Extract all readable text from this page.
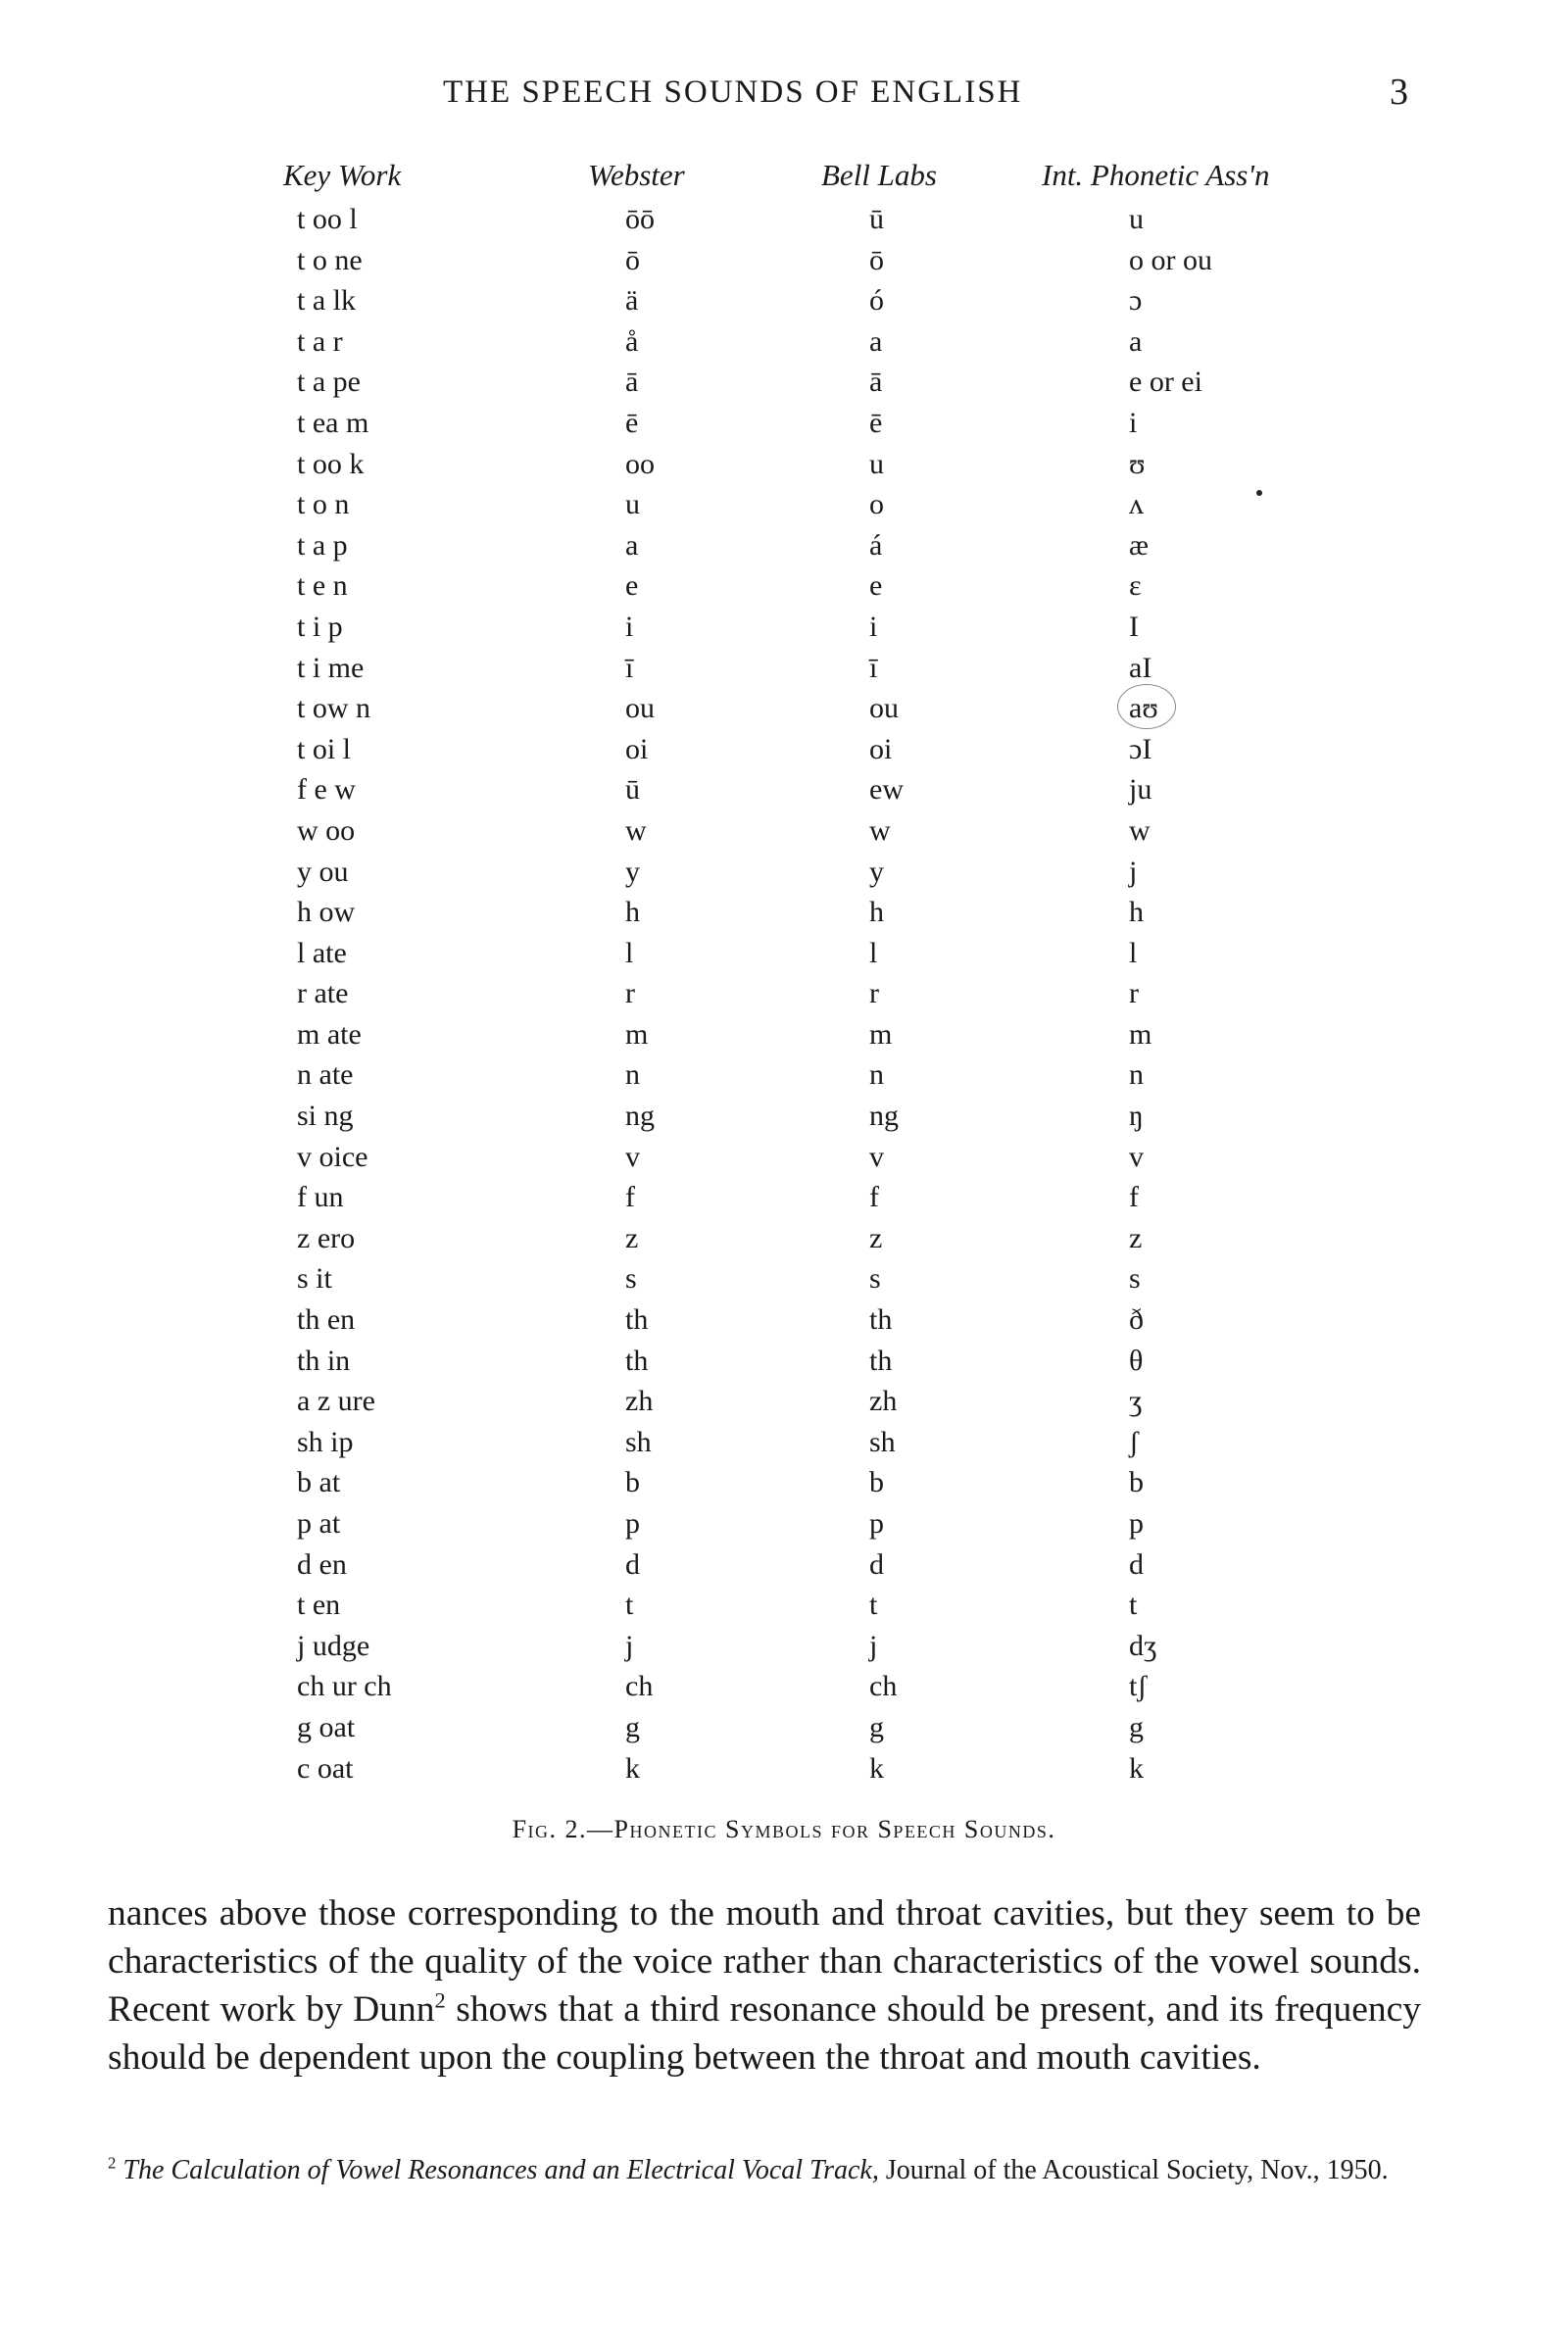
THE SPEECH SOUNDS OF ENGLISH	3
Key Work	Webster	Bell Labs	Int. Phonetic Ass'n
t oo l	ōō	ū	u
t o ne	ō	ō	o or ou
t a lk	ä	ó	ɔ
t a r	å	a	a
t a pe	ā	ā	e or ei
t ea m	ē	ē	i
t oo k	oo	u	ʊ
t o n	u	o	ʌ
t a p	a	á	æ
t e n	e	e	ɛ
t i p	i	i	I
t i me	ī	ī	aI
t ow n	ou	ou	aʊ
t oi l	oi	oi	ɔI
f e w	ū	ew	ju
w oo	w	w	w
y ou	y	y	j
h ow	h	h	h
l ate	l	l	l
r ate	r	r	r
m ate	m	m	m
n ate	n	n	n
si ng	ng	ng	ŋ
v oice	v	v	v
f un	f	f	f
z ero	z	z	z
s it	s	s	s
th en	th	th	ð
th in	th	th	θ
a z ure	zh	zh	ʒ
sh ip	sh	sh	ʃ
b at	b	b	b
p at	p	p	p
d en	d	d	d
t en	t	t	t
j udge	j	j	dʒ
ch ur ch	ch	ch	tʃ
g oat	g	g	g
c oat	k	k	k
Fig. 2.—Phonetic Symbols for Speech Sounds.
nances above those corresponding to the mouth and throat cavities, but they seem to be characteristics of the quality of the voice rather than characteristics of the vowel sounds. Recent work by Dunn$^2$ shows that a third resonance should be present, and its frequency should be dependent upon the coupling between the throat and mouth cavities.
$^2$ The Calculation of Vowel Resonances and an Electrical Vocal Track, Journal of the Acoustical Society, Nov., 1950.
